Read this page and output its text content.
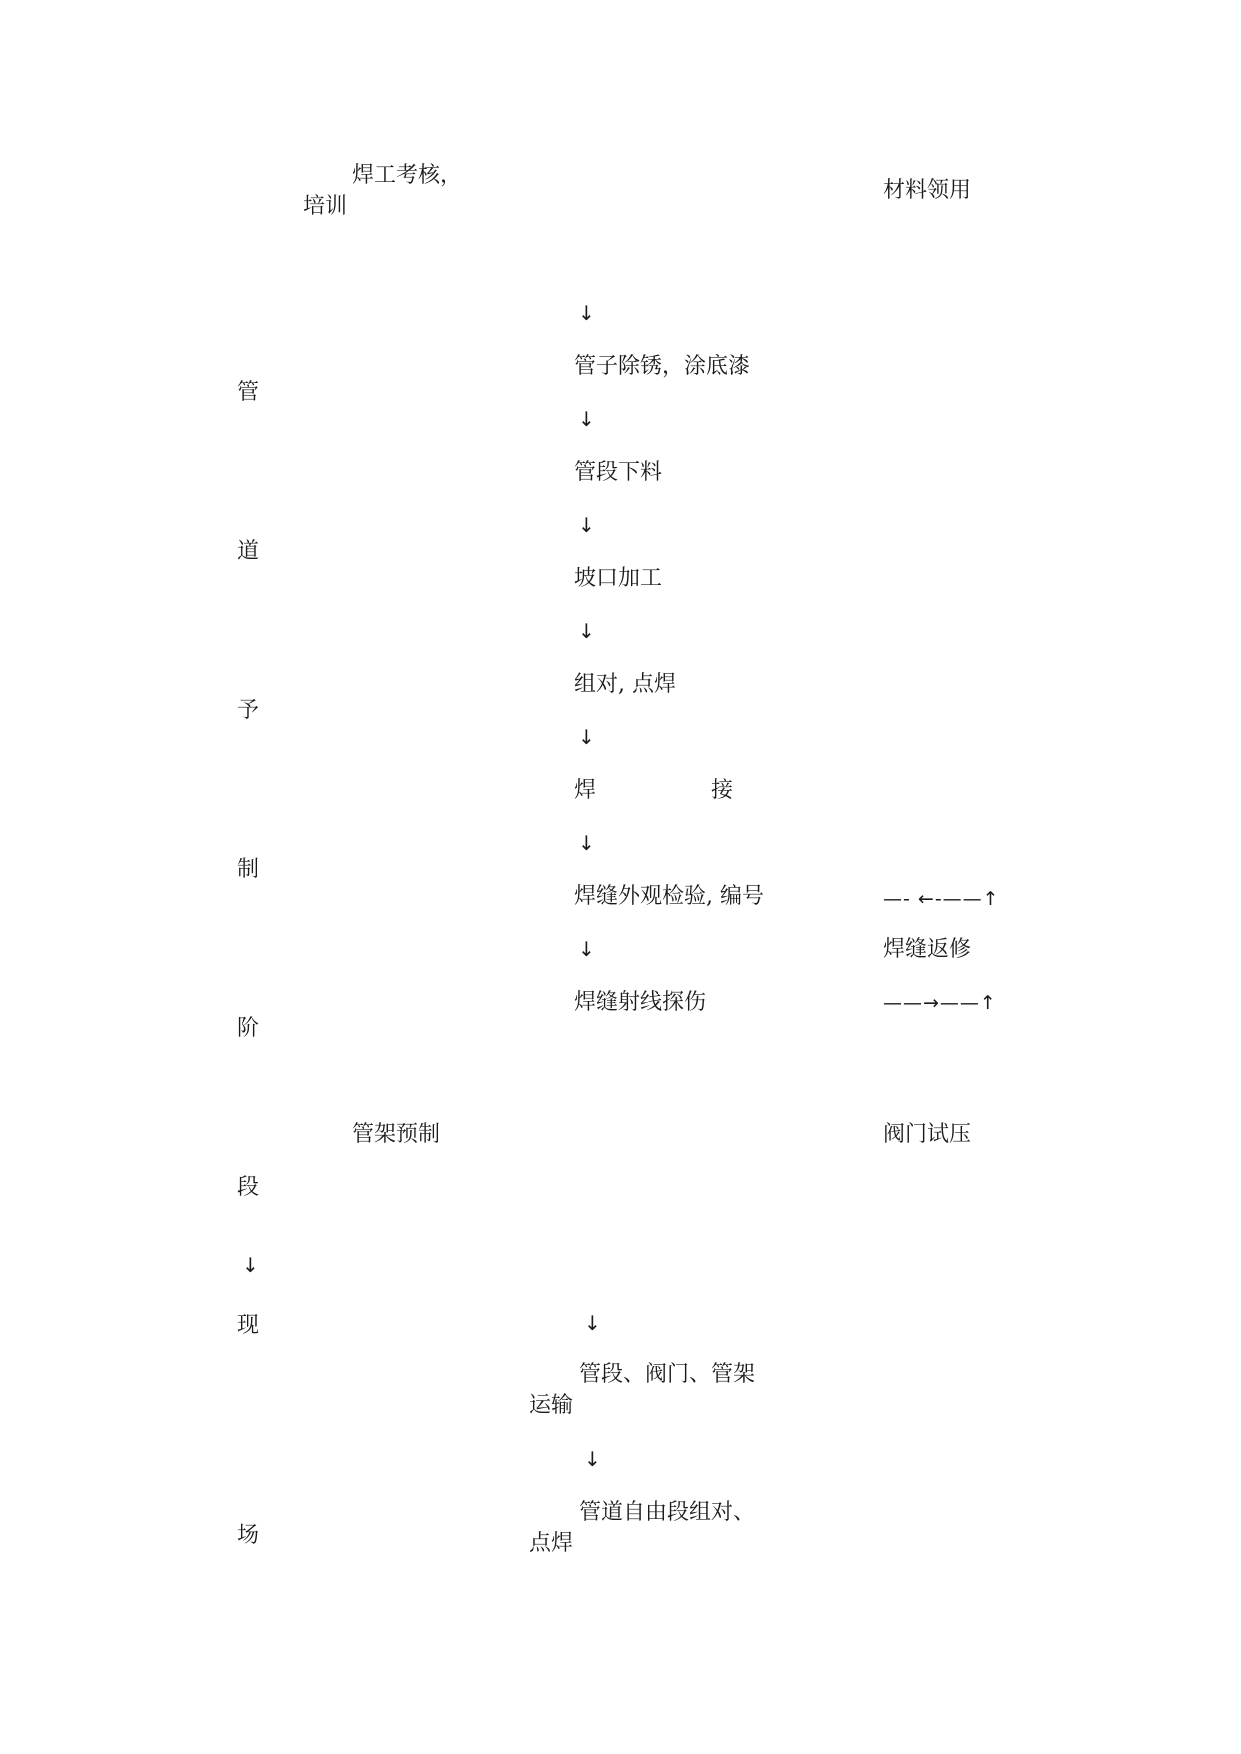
焊工考核，
培训
材料领用
管
道
予
制
阶
段
↓
现
场
↓
管子除锈，涂底漆
↓
管段下料
↓
坡口加工
↓
组对, 点焊
↓
焊	接
↓
焊缝外观检验, 编号
↓
焊缝射线探伤
—- ←-——↑
焊缝返修
——→——↑
管架预制	阀门试压
↓
管段、阀门、管架
运输
↓
管道自由段组对、
点焊
